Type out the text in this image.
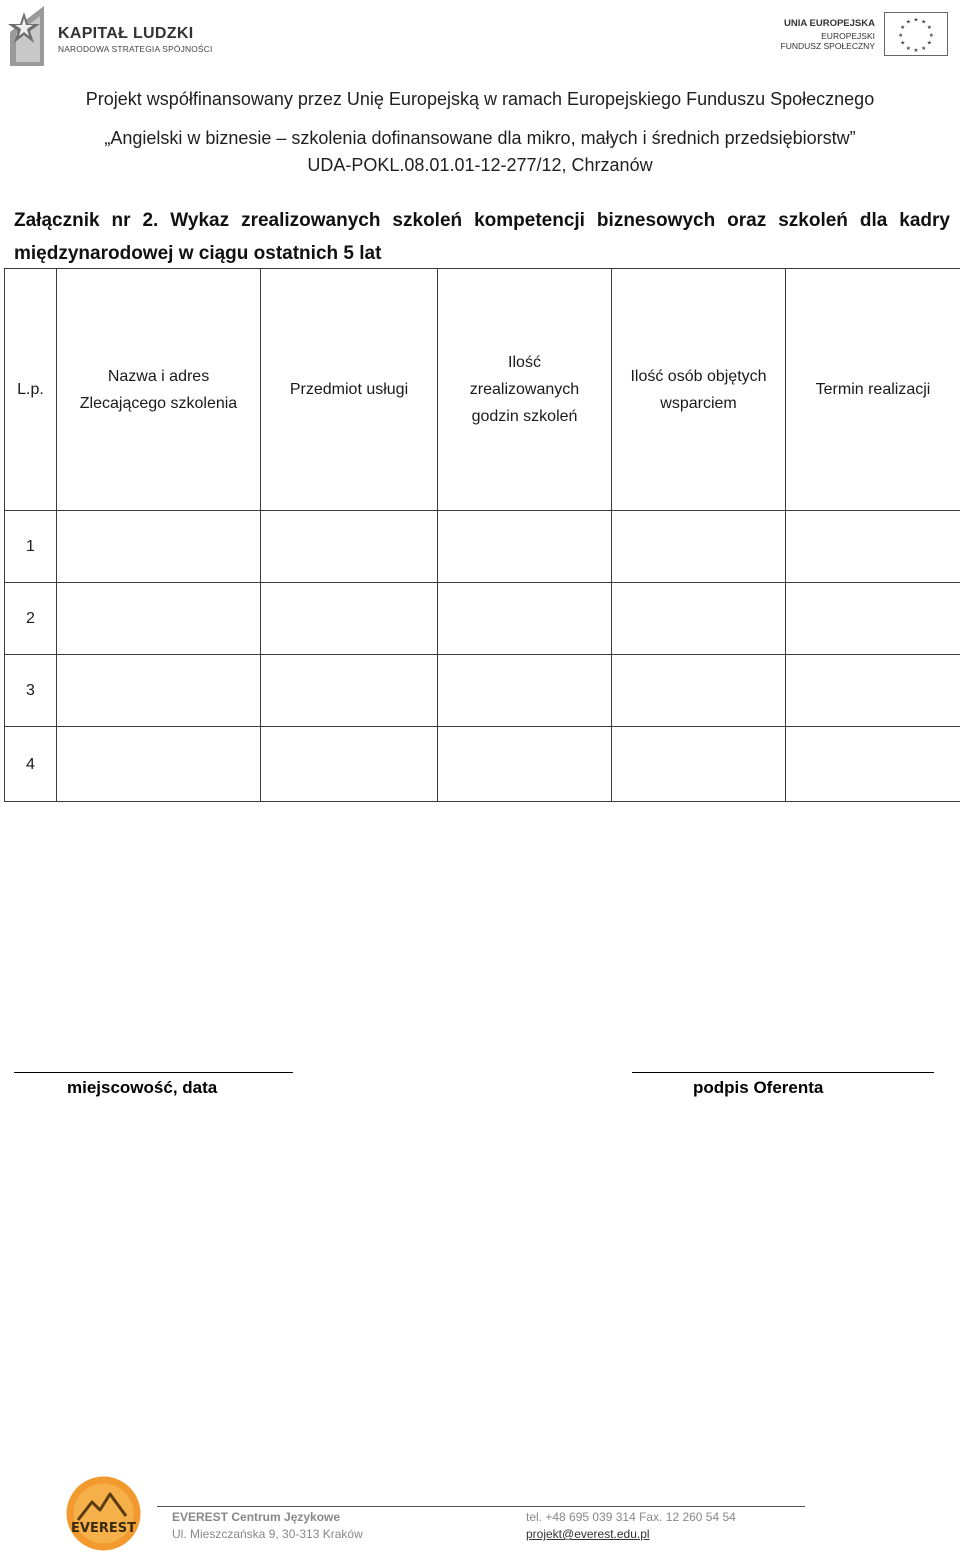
KAPITAŁ LUDZKI
NARODOWA STRATEGIA SPÓJNOŚCI
UNIA EUROPEJSKA
EUROPEJSKI
FUNDUSZ SPOŁECZNY
★ ★
★
★
★
★
★
★
★
★
★
★
Projekt współfinansowany przez Unię Europejską w ramach Europejskiego Funduszu Społecznego
„Angielski w biznesie – szkolenia dofinansowane dla mikro, małych i średnich przedsiębiorstw”
UDA-POKL.08.01.01-12-277/12, Chrzanów
Załącznik nr 2. Wykaz zrealizowanych szkoleń kompetencji biznesowych oraz szkoleń dla kadry międzynarodowej w ciągu ostatnich 5 lat
L.p.	Nazwa i adres Zlecającego szkolenia	Przedmiot usługi	Ilość zrealizowanych godzin szkoleń	Ilość osób objętych wsparciem	Termin realizacji
1					
2					
3					
4					
miejscowość, data	podpis Oferenta
EVEREST
EVEREST Centrum Językowe
Ul. Mieszczańska 9, 30-313 Kraków
tel. +48 695 039 314 Fax. 12 260 54 54
projekt@everest.edu.pl
